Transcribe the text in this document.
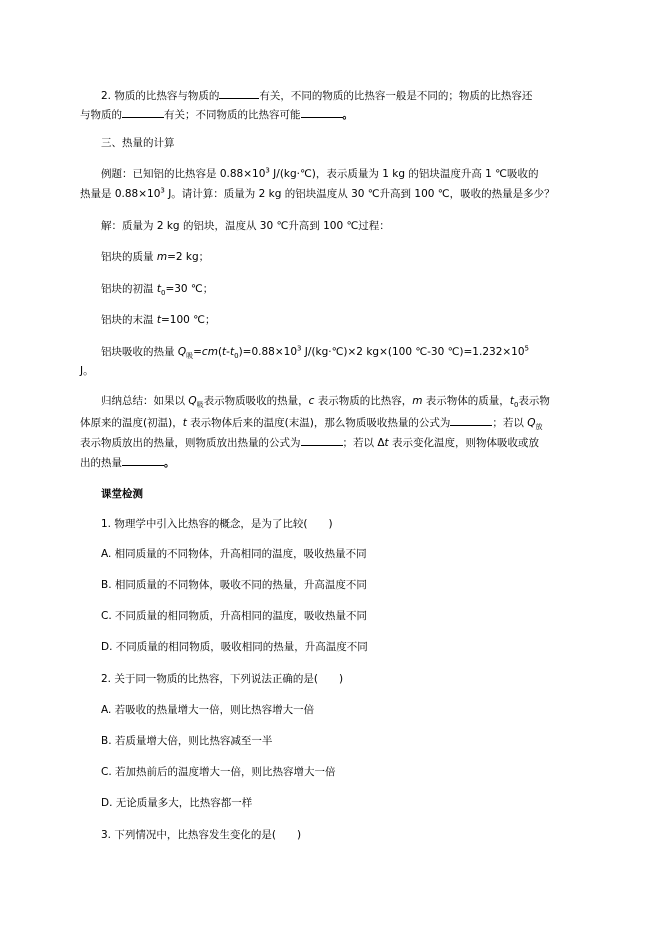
2. 物质的比热容与物质的	有关，不同的物质的比热容一般是不同的；物质的比热容还
与物质的	有关；不同物质的比热容可能	。
三、热量的计算
例题：已知铝的比热容是 $0.88\times 10^3$ J/(kg·℃)，表示质量为 1 kg 的铝块温度升高 1 ℃吸收的
热量是 $0.88\times 10^3$ J。请计算：质量为 2 kg 的铝块温度从 30 ℃升高到 100 ℃，吸收的热量是多少？
解：质量为 2 kg 的铝块，温度从 30 ℃升高到 100 ℃过程：
铝块的质量 m=2 kg；
铝块的初温 $t_0=30$ ℃；
铝块的末温 t=100 ℃；
铝块吸收的热量 $Q_吸=cm(t-t_0)=0.88\times 10^3$ J/(kg·℃)×2 kg×(100 ℃-30 $℃)=1.232\times 10^5$
J。
归纳总结：如果以 $Q_吸$表示物质吸收的热量，c 表示物质的比热容，m 表示物体的质量，$t_0$表示物
体原来的温度(初温)，t 表示物体后来的温度(末温)，那么物质吸收热量的公式为	；若以 $Q_放$
表示物质放出的热量，则物质放出热量的公式为	；若以 Δt 表示变化温度，则物体吸收或放
出的热量	。
课堂检测
1. 物理学中引入比热容的概念，是为了比较(　　)
A. 相同质量的不同物体，升高相同的温度，吸收热量不同
B. 相同质量的不同物体，吸收不同的热量，升高温度不同
C. 不同质量的相同物质，升高相同的温度，吸收热量不同
D. 不同质量的相同物质，吸收相同的热量，升高温度不同
2. 关于同一物质的比热容，下列说法正确的是(　　)
A. 若吸收的热量增大一倍，则比热容增大一倍
B. 若质量增大倍，则比热容减至一半
C. 若加热前后的温度增大一倍，则比热容增大一倍
D. 无论质量多大，比热容都一样
3. 下列情况中，比热容发生变化的是(　　)
